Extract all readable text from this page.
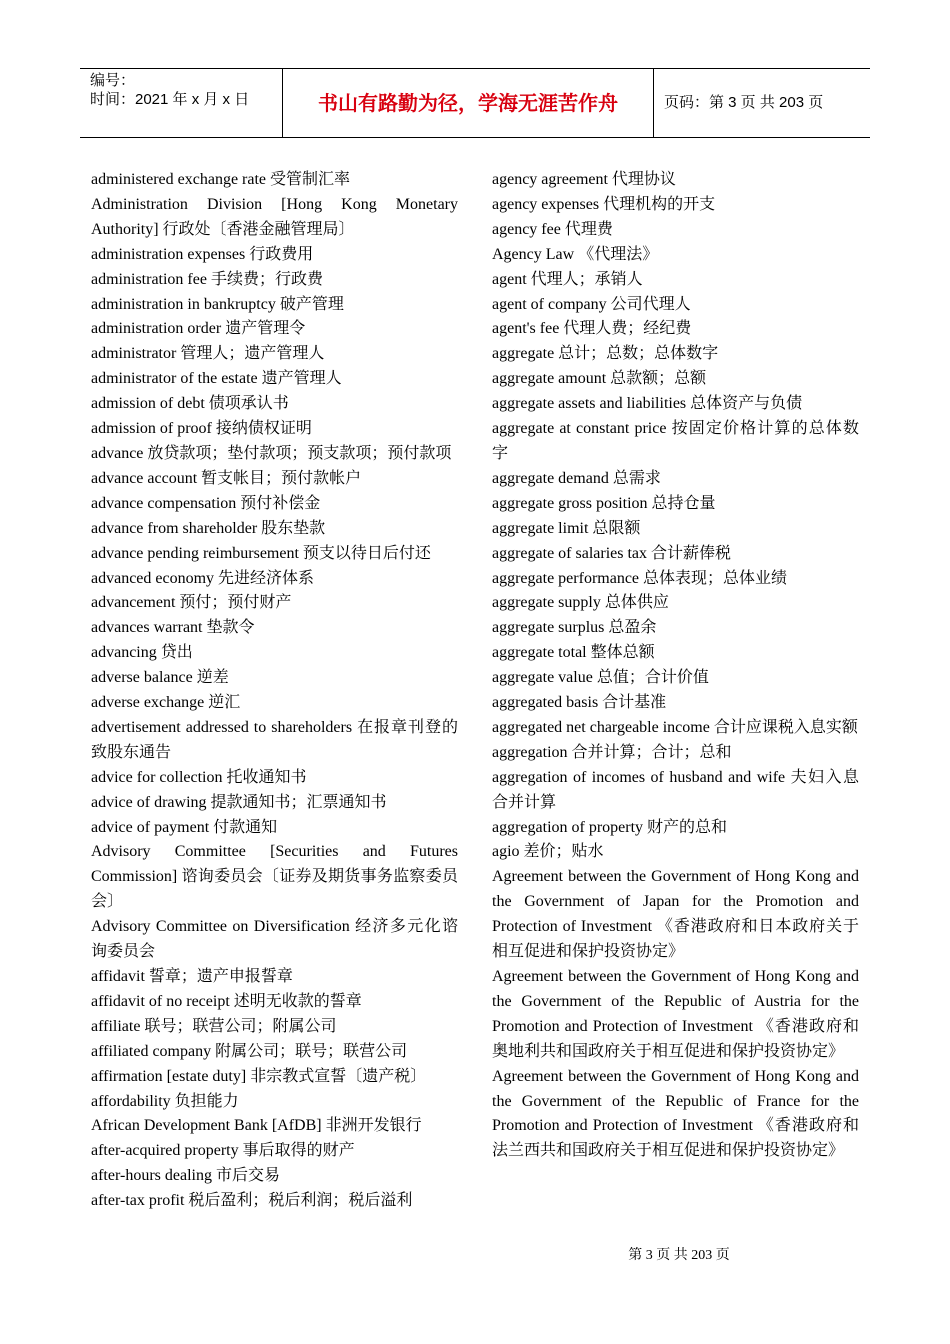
编号：
时间：2021 年 x 月 x 日	书山有路勤为径，学海无涯苦作舟	页码：第 3 页 共 203 页

administered exchange rate 受管制汇率

Administration Division [Hong Kong Monetary Authority] 行政处〔香港金融管理局〕

administration expenses 行政费用

administration fee 手续费；行政费

administration in bankruptcy 破产管理

administration order 遗产管理令

administrator 管理人；遗产管理人

administrator of the estate 遗产管理人

admission of debt 债项承认书

admission of proof 接纳债权证明

advance 放贷款项；垫付款项；预支款项；预付款项

advance account 暂支帐目；预付款帐户

advance compensation 预付补偿金

advance from shareholder 股东垫款

advance pending reimbursement 预支以待日后付还

advanced economy 先进经济体系

advancement 预付；预付财产

advances warrant 垫款令

advancing 贷出

adverse balance 逆差

adverse exchange 逆汇

advertisement addressed to shareholders 在报章刊登的致股东通告

advice for collection 托收通知书

advice of drawing 提款通知书；汇票通知书

advice of payment 付款通知

Advisory Committee [Securities and Futures Commission] 谘询委员会〔证券及期货事务监察委员会〕

Advisory Committee on Diversification 经济多元化谘询委员会

affidavit 誓章；遗产申报誓章

affidavit of no receipt 述明无收款的誓章

affiliate 联号；联营公司；附属公司

affiliated company 附属公司；联号；联营公司

affirmation [estate duty] 非宗教式宣誓〔遗产税〕

affordability 负担能力

African Development Bank [AfDB] 非洲开发银行

after-acquired property 事后取得的财产

after-hours dealing 市后交易

after-tax profit 税后盈利；税后利润；税后溢利

agency agreement 代理协议

agency expenses 代理机构的开支

agency fee 代理费

Agency Law 《代理法》

agent 代理人；承销人

agent of company 公司代理人

agent's fee 代理人费；经纪费

aggregate 总计；总数；总体数字

aggregate amount 总款额；总额

aggregate assets and liabilities 总体资产与负债

aggregate at constant price 按固定价格计算的总体数字

aggregate demand 总需求

aggregate gross position 总持仓量

aggregate limit 总限额

aggregate of salaries tax 合计薪俸税

aggregate performance 总体表现；总体业绩

aggregate supply 总体供应

aggregate surplus 总盈余

aggregate total 整体总额

aggregate value 总值；合计价值

aggregated basis 合计基准

aggregated net chargeable income 合计应课税入息实额

aggregation 合并计算；合计；总和

aggregation of incomes of husband and wife 夫妇入息合并计算

aggregation of property 财产的总和

agio 差价；贴水

Agreement between the Government of Hong Kong and the Government of Japan for the Promotion and Protection of Investment 《香港政府和日本政府关于相互促进和保护投资协定》

Agreement between the Government of Hong Kong and the Government of the Republic of Austria for the Promotion and Protection of Investment 《香港政府和奥地利共和国政府关于相互促进和保护投资协定》

Agreement between the Government of Hong Kong and the Government of the Republic of France for the Promotion and Protection of Investment 《香港政府和法兰西共和国政府关于相互促进和保护投资协定》

第 3 页 共 203 页
